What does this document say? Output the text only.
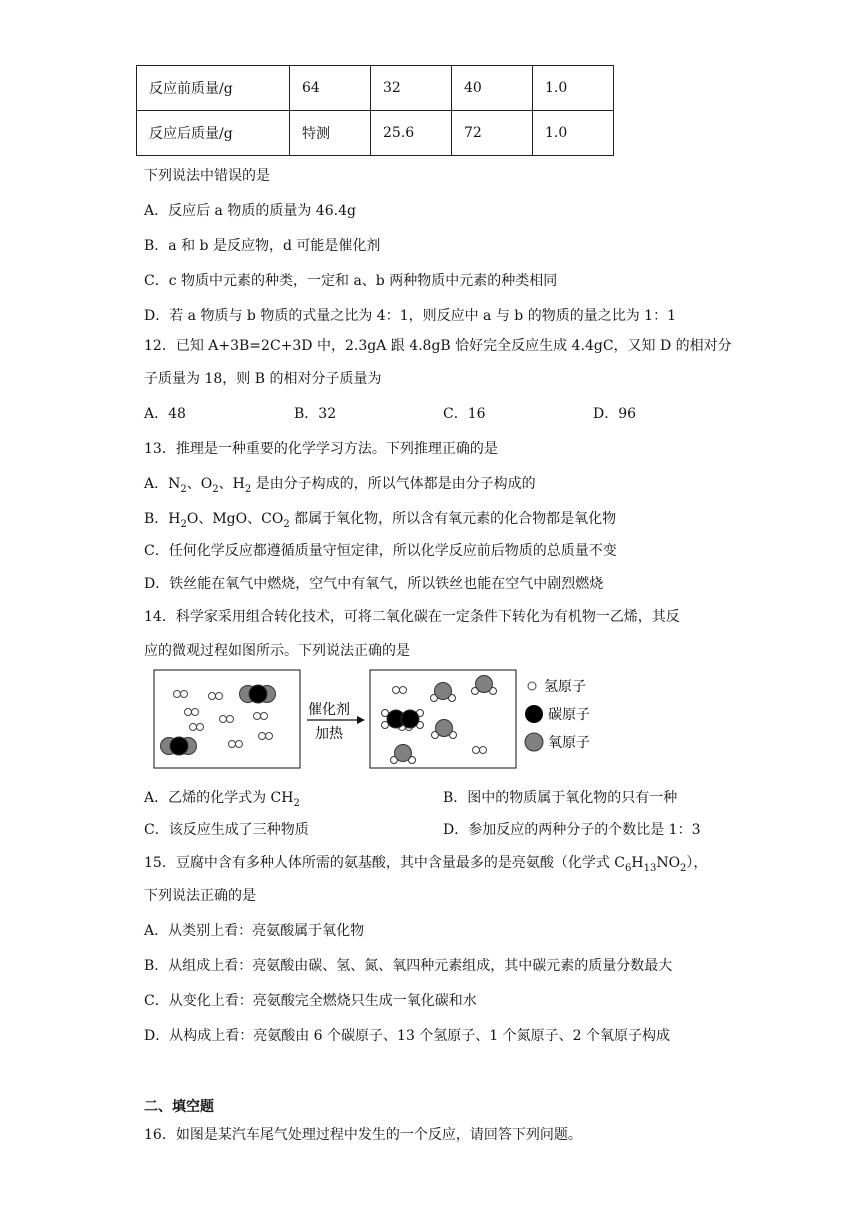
反应前质量/g	64	32	40	1.0
反应后质量/g	特测	25.6	72	1.0
下列说法中错误的是
A．反应后 a 物质的质量为 46.4g
B．a 和 b 是反应物，d 可能是催化剂
C．c 物质中元素的种类，一定和 a、b 两种物质中元素的种类相同
D．若 a 物质与 b 物质的式量之比为 4：1，则反应中 a 与 b 的物质的量之比为 1：1
12．已知 A+3B=2C+3D 中，2.3gA 跟 4.8gB 恰好完全反应生成 4.4gC，又知 D 的相对分
子质量为 18，则 B 的相对分子质量为
A．48	B．32	C．16	D．96
13．推理是一种重要的化学学习方法。下列推理正确的是
A．$N_2$、$O_2$、$H_2$ 是由分子构成的，所以气体都是由分子构成的
B．$H_2O$、MgO、$CO_2$ 都属于氧化物，所以含有氧元素的化合物都是氧化物
C．任何化学反应都遵循质量守恒定律，所以化学反应前后物质的总质量不变
D．铁丝能在氧气中燃烧，空气中有氧气，所以铁丝也能在空气中剧烈燃烧
14．科学家采用组合转化技术，可将二氧化碳在一定条件下转化为有机物一乙烯，其反
应的微观过程如图所示。下列说法正确的是
催化剂
加热
氢原子
碳原子
氧原子
A．乙烯的化学式为 $CH_2$	B．图中的物质属于氧化物的只有一种
C．该反应生成了三种物质	D．参加反应的两种分子的个数比是 1：3
15．豆腐中含有多种人体所需的氨基酸，其中含量最多的是亮氨酸（化学式 $C_6H_{13}NO_2$），
下列说法正确的是
A．从类别上看：亮氨酸属于氧化物
B．从组成上看：亮氨酸由碳、氢、氮、氧四种元素组成，其中碳元素的质量分数最大
C．从变化上看：亮氨酸完全燃烧只生成一氧化碳和水
D．从构成上看：亮氨酸由 6 个碳原子、13 个氢原子、1 个氮原子、2 个氧原子构成
二、填空题
16．如图是某汽车尾气处理过程中发生的一个反应，请回答下列问题。
